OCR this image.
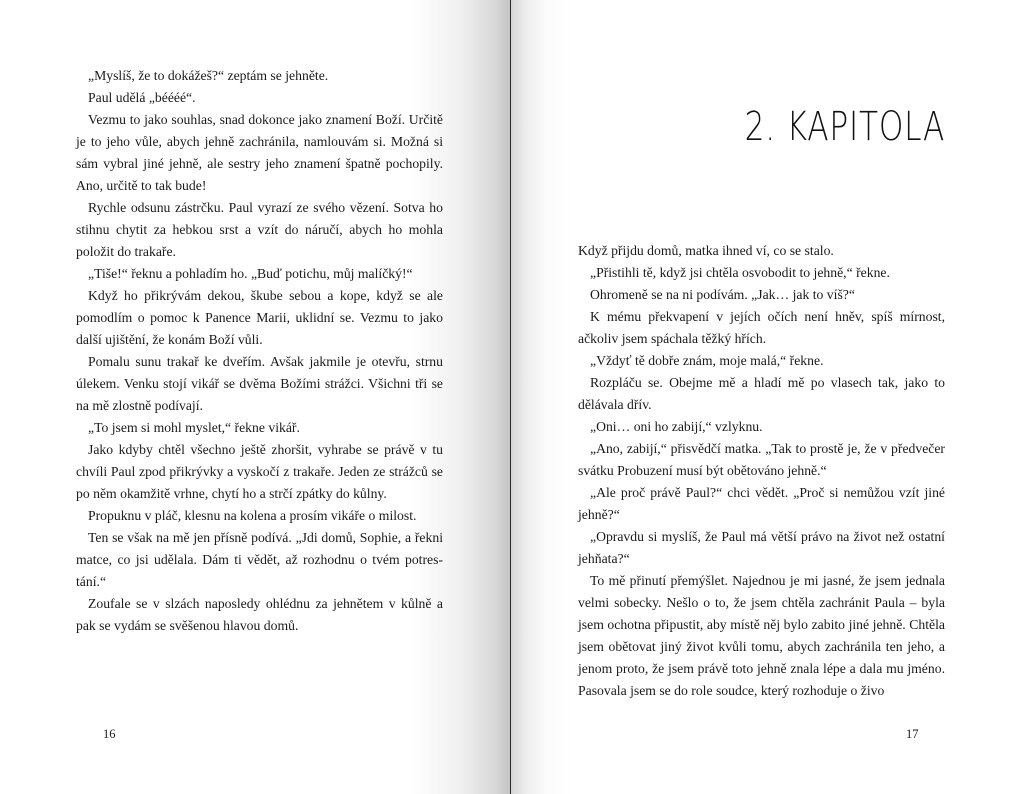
„Myslíš, že to dokážeš?“ zeptám se jehněte.

Paul udělá „béééé“.

Vezmu to jako souhlas, snad dokonce jako znamení Boží. Určitě je to jeho vůle, abych jehně zachránila, namlouvám si. Možná si sám vybral jiné jehně, ale sestry jeho znamení špatně pochopily. Ano, určitě to tak bude!

Rychle odsunu zástrčku. Paul vyrazí ze svého vězení. Sotva ho stihnu chytit za hebkou srst a vzít do náručí, abych ho mohla položit do trakaře.

„Tiše!“ řeknu a pohladím ho. „Buď potichu, můj malíčký!“

Když ho přikrývám dekou, škube sebou a kope, když se ale pomodlím o pomoc k Panence Marii, uklidní se. Vezmu to jako další ujištění, že konám Boží vůli.

Pomalu sunu trakař ke dveřím. Avšak jakmile je otevřu, strnu úlekem. Venku stojí vikář se dvěma Božími strážci. Všichni tři se na mě zlostně podívají.

„To jsem si mohl myslet,“ řekne vikář.

Jako kdyby chtěl všechno ještě zhoršit, vyhrabe se právě v tu chvíli Paul zpod přikrývky a vyskočí z trakaře. Jeden ze strážců se po něm okamžitě vrhne, chytí ho a strčí zpátky do kůlny.

Propuknu v pláč, klesnu na kolena a prosím vikáře o milost.

Ten se však na mě jen přísně podívá. „Jdi domů, Sophie, a řekni matce, co jsi udělala. Dám ti vědět, až rozhodnu o tvém potrestání.“

Zoufale se v slzách naposledy ohlédnu za jehnětem v kůlně a pak se vydám se svěšenou hlavou domů.

16
2. KAPITOLA

Když přijdu domů, matka ihned ví, co se stalo.

„Přistihli tě, když jsi chtěla osvobodit to jehně,“ řekne.

Ohromeně se na ni podívám. „Jak… jak to víš?“

K mému překvapení v jejích očích není hněv, spíš mírnost, ačkoliv jsem spáchala těžký hřích.

„Vždyť tě dobře znám, moje malá,“ řekne.

Rozpláču se. Obejme mě a hladí mě po vlasech tak, jako to dělávala dřív.

„Oni… oni ho zabijí,“ vzlyknu.

„Ano, zabijí,“ přisvědčí matka. „Tak to prostě je, že v předvečer svátku Probuzení musí být obětováno jehně.“

„Ale proč právě Paul?“ chci vědět. „Proč si nemůžou vzít jiné jehně?“

„Opravdu si myslíš, že Paul má větší právo na život než ostatní jehňata?“

To mě přinutí přemýšlet. Najednou je mi jasné, že jsem jednala velmi sobecky. Nešlo o to, že jsem chtěla zachránit Paula – byla jsem ochotna připustit, aby místě něj bylo zabito jiné jehně. Chtěla jsem obětovat jiný život kvůli tomu, abych zachránila ten jeho, a jenom proto, že jsem právě toto jehně znala lépe a dala mu jméno. Pasovala jsem se do role soudce, který rozhoduje o živo

17
